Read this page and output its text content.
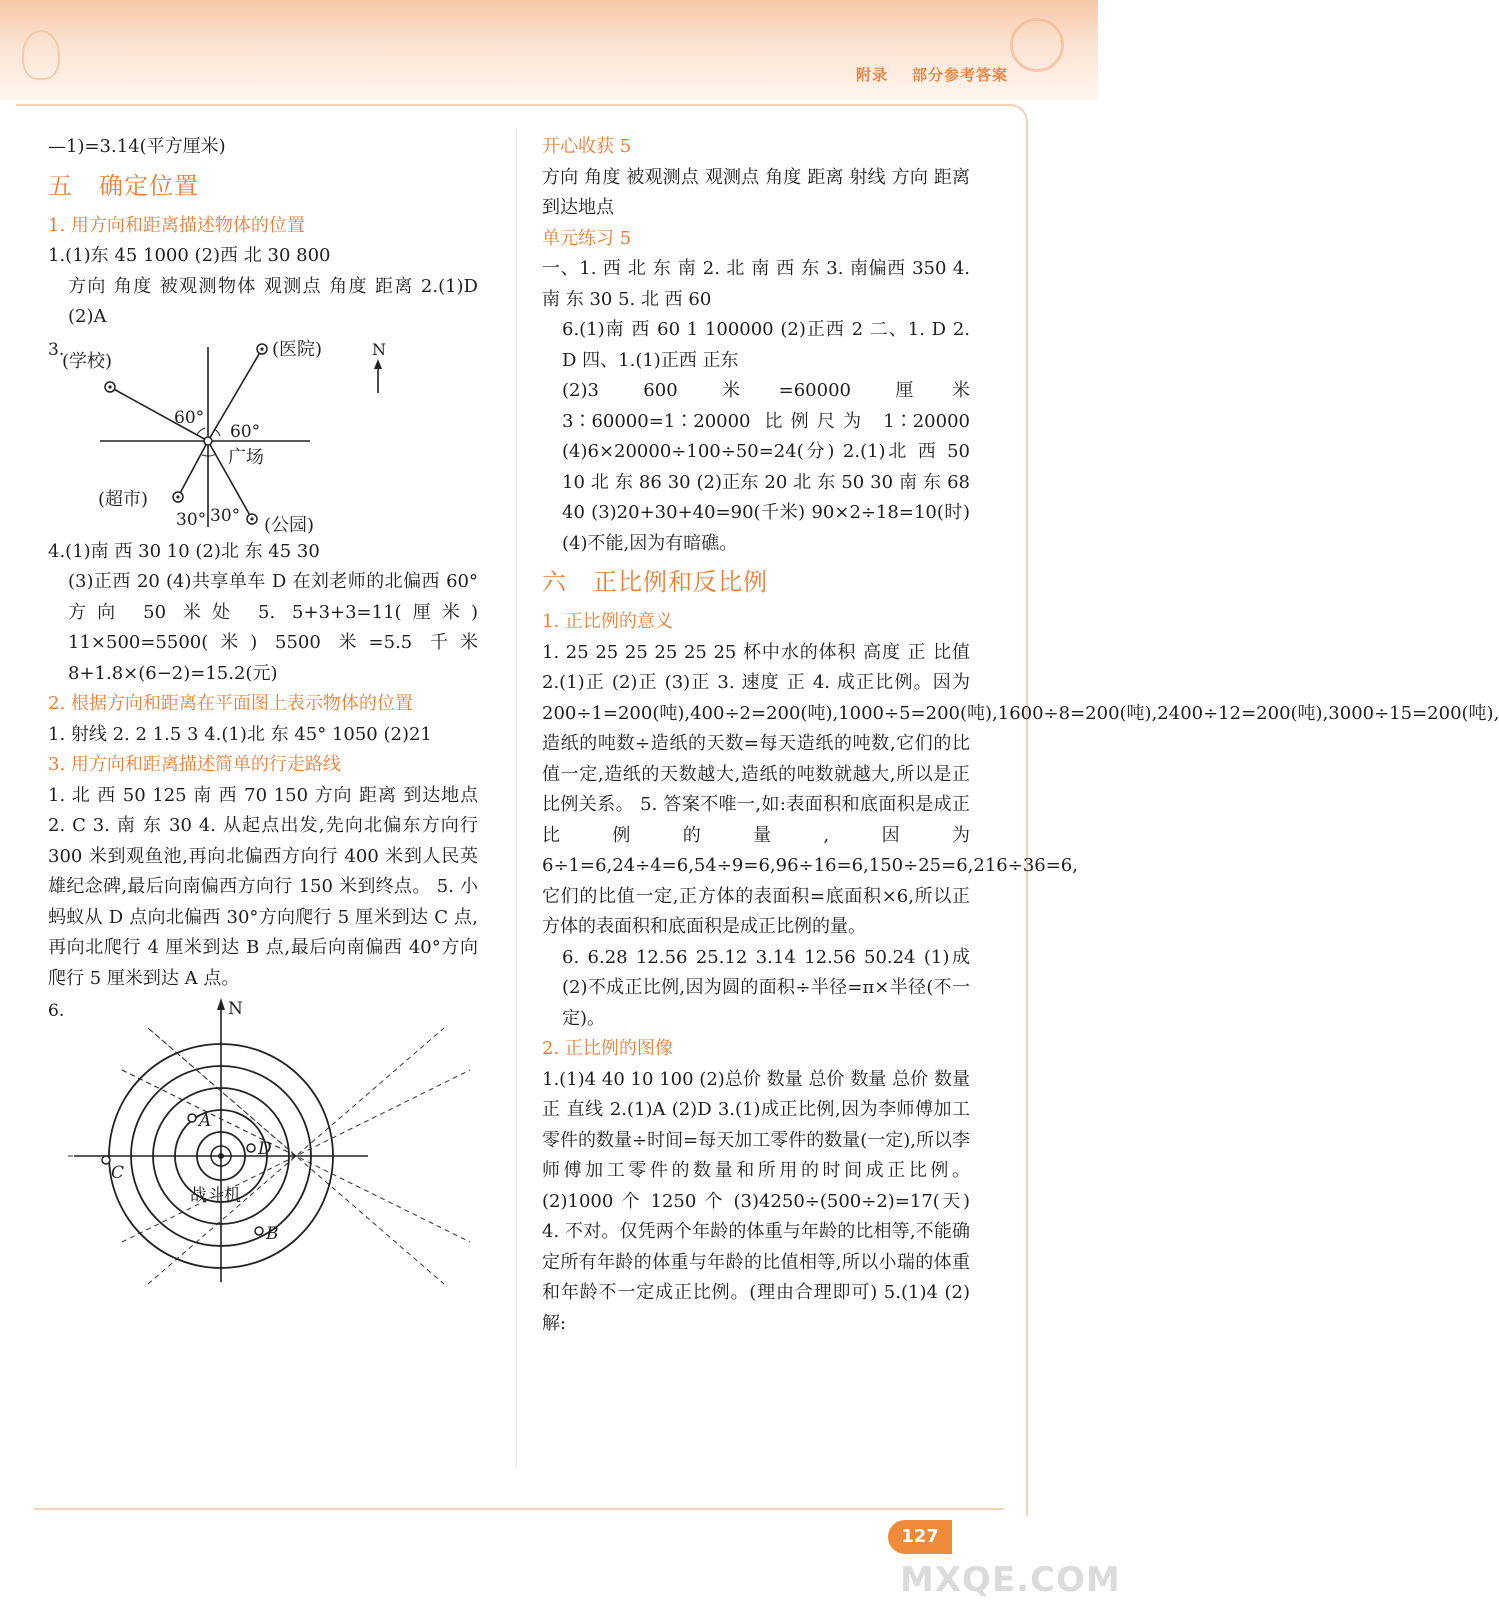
附录 部分参考答案

—1)=3.14(平方厘米)

五 确定位置

1. 用方向和距离描述物体的位置

1.(1)东 45 1000 (2)西 北 30 800

方向 角度 被观测物体 观测点 角度 距离 2.(1)D (2)A

3.	N
(学校)
(医院)
60°
60°
广场
(超市)
30° 30° (公园)

4.(1)南 西 30 10 (2)北 东 45 30

(3)正西 20 (4)共享单车 D 在刘老师的北偏西 60°方向 50 米处 5. 5+3+3=11(厘米) 11×500=5500(米) 5500 米=5.5 千米 8+1.8×(6−2)=15.2(元)

2. 根据方向和距离在平面图上表示物体的位置

1. 射线 2. 2 1.5 3 4.(1)北 东 45° 1050 (2)21

3. 用方向和距离描述简单的行走路线

1. 北 西 50 125 南 西 70 150 方向 距离 到达地点 2. C 3. 南 东 30 4. 从起点出发,先向北偏东方向行 300 米到观鱼池,再向北偏西方向行 400 米到人民英雄纪念碑,最后向南偏西方向行 150 米到终点。 5. 小蚂蚁从 D 点向北偏西 30°方向爬行 5 厘米到达 C 点,再向北爬行 4 厘米到达 B 点,最后向南偏西 40°方向爬行 5 厘米到达 A 点。

6.	N
A
C
D
B
战斗机

开心收获 5

方向 角度 被观测点 观测点 角度 距离 射线 方向 距离 到达地点

单元练习 5

一、1. 西 北 东 南 2. 北 南 西 东 3. 南偏西 350 4. 南 东 30 5. 北 西 60

6.(1)南 西 60 1 100000 (2)正西 2 二、1. D 2. D 四、1.(1)正西 正东

(2)3 600 米=60000 厘米 3∶60000=1∶20000 比例尺为 1∶20000 (4)6×20000÷100÷50=24(分) 2.(1)北 西 50 10 北 东 86 30 (2)正东 20 北 东 50 30 南 东 68 40 (3)20+30+40=90(千米) 90×2÷18=10(时) (4)不能,因为有暗礁。

六 正比例和反比例

1. 正比例的意义

1. 25 25 25 25 25 25 杯中水的体积 高度 正 比值 2.(1)正 (2)正 (3)正 3. 速度 正 4. 成正比例。因为 200÷1=200(吨),400÷2=200(吨),1000÷5=200(吨),1600÷8=200(吨),2400÷12=200(吨),3000÷15=200(吨),造纸的吨数÷造纸的天数=每天造纸的吨数,它们的比值一定,造纸的天数越大,造纸的吨数就越大,所以是正比例关系。 5. 答案不唯一,如:表面积和底面积是成正比例的量,因为 6÷1=6,24÷4=6,54÷9=6,96÷16=6,150÷25=6,216÷36=6,它们的比值一定,正方体的表面积=底面积×6,所以正方体的表面积和底面积是成正比例的量。

6. 6.28 12.56 25.12 3.14 12.56 50.24 (1)成 (2)不成正比例,因为圆的面积÷半径=π×半径(不一定)。

2. 正比例的图像

1.(1)4 40 10 100 (2)总价 数量 总价 数量 总价 数量 正 直线 2.(1)A (2)D 3.(1)成正比例,因为李师傅加工零件的数量÷时间=每天加工零件的数量(一定),所以李师傅加工零件的数量和所用的时间成正比例。 (2)1000 个 1250 个 (3)4250÷(500÷2)=17(天) 4. 不对。仅凭两个年龄的体重与年龄的比相等,不能确定所有年龄的体重与年龄的比值相等,所以小瑞的体重和年龄不一定成正比例。(理由合理即可) 5.(1)4 (2)解:

127
MXQE.COM
